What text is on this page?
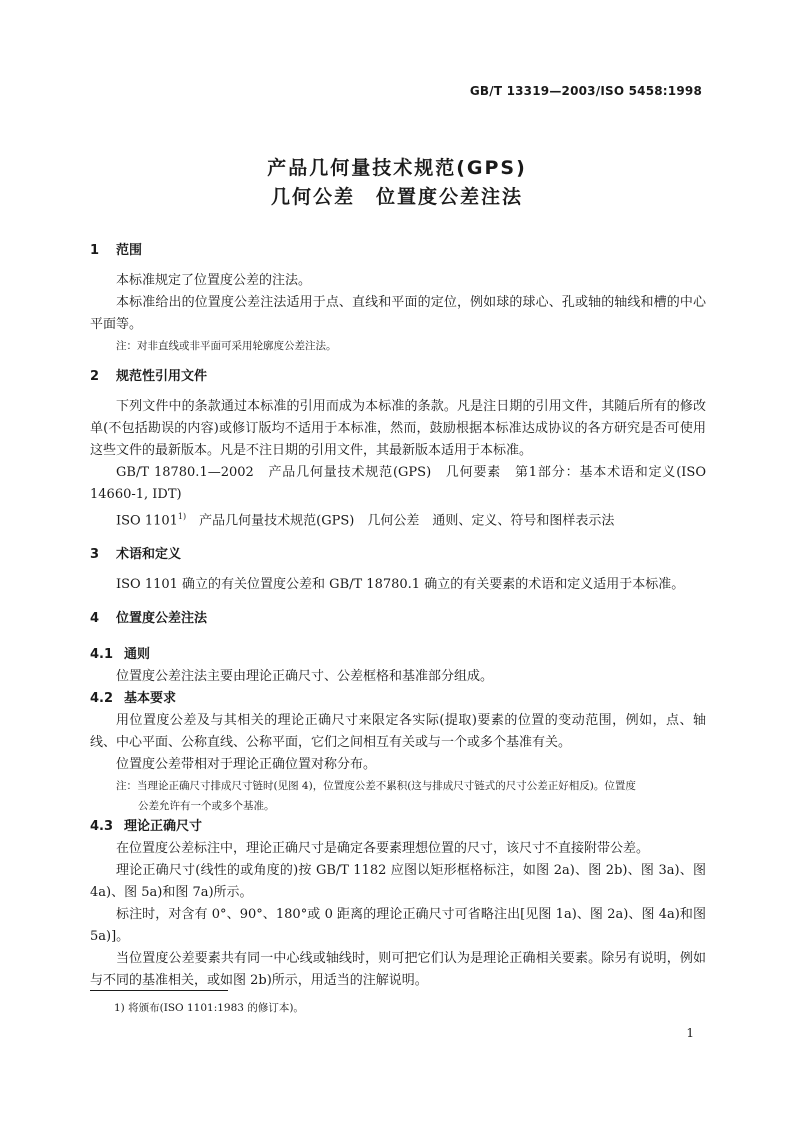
GB/T 13319—2003/ISO 5458:1998
产品几何量技术规范(GPS)
几何公差　位置度公差注法
1 范围

本标准规定了位置度公差的注法。

本标准给出的位置度公差注法适用于点、直线和平面的定位，例如球的球心、孔或轴的轴线和槽的中心平面等。

注：对非直线或非平面可采用轮廓度公差注法。
2 规范性引用文件

下列文件中的条款通过本标准的引用而成为本标准的条款。凡是注日期的引用文件，其随后所有的修改单(不包括勘误的内容)或修订版均不适用于本标准，然而，鼓励根据本标准达成协议的各方研究是否可使用这些文件的最新版本。凡是不注日期的引用文件，其最新版本适用于本标准。

GB/T 18780.1—2002　产品几何量技术规范(GPS)　几何要素　第1部分：基本术语和定义(ISO 14660-1, IDT)

ISO 1101$^{1)}$　产品几何量技术规范(GPS)　几何公差　通则、定义、符号和图样表示法

3 术语和定义

ISO 1101 确立的有关位置度公差和 GB/T 18780.1 确立的有关要素的术语和定义适用于本标准。

4 位置度公差注法
4.1 通则

位置度公差注法主要由理论正确尺寸、公差框格和基准部分组成。

4.2 基本要求

用位置度公差及与其相关的理论正确尺寸来限定各实际(提取)要素的位置的变动范围，例如，点、轴线、中心平面、公称直线、公称平面，它们之间相互有关或与一个或多个基准有关。

位置度公差带相对于理论正确位置对称分布。

注：当理论正确尺寸排成尺寸链时(见图 4)，位置度公差不累积(这与排成尺寸链式的尺寸公差正好相反)。位置度
公差允许有一个或多个基准。
4.3 理论正确尺寸

在位置度公差标注中，理论正确尺寸是确定各要素理想位置的尺寸，该尺寸不直接附带公差。

理论正确尺寸(线性的或角度的)按 GB/T 1182 应图以矩形框格标注，如图 2a)、图 2b)、图 3a)、图 4a)、图 5a)和图 7a)所示。

标注时，对含有 0°、90°、180°或 0 距离的理论正确尺寸可省略注出[见图 1a)、图 2a)、图 4a)和图 5a)]。

当位置度公差要素共有同一中心线或轴线时，则可把它们认为是理论正确相关要素。除另有说明，例如与不同的基准相关，或如图 2b)所示，用适当的注解说明。

1) 将颁布(ISO 1101:1983 的修订本)。
1
